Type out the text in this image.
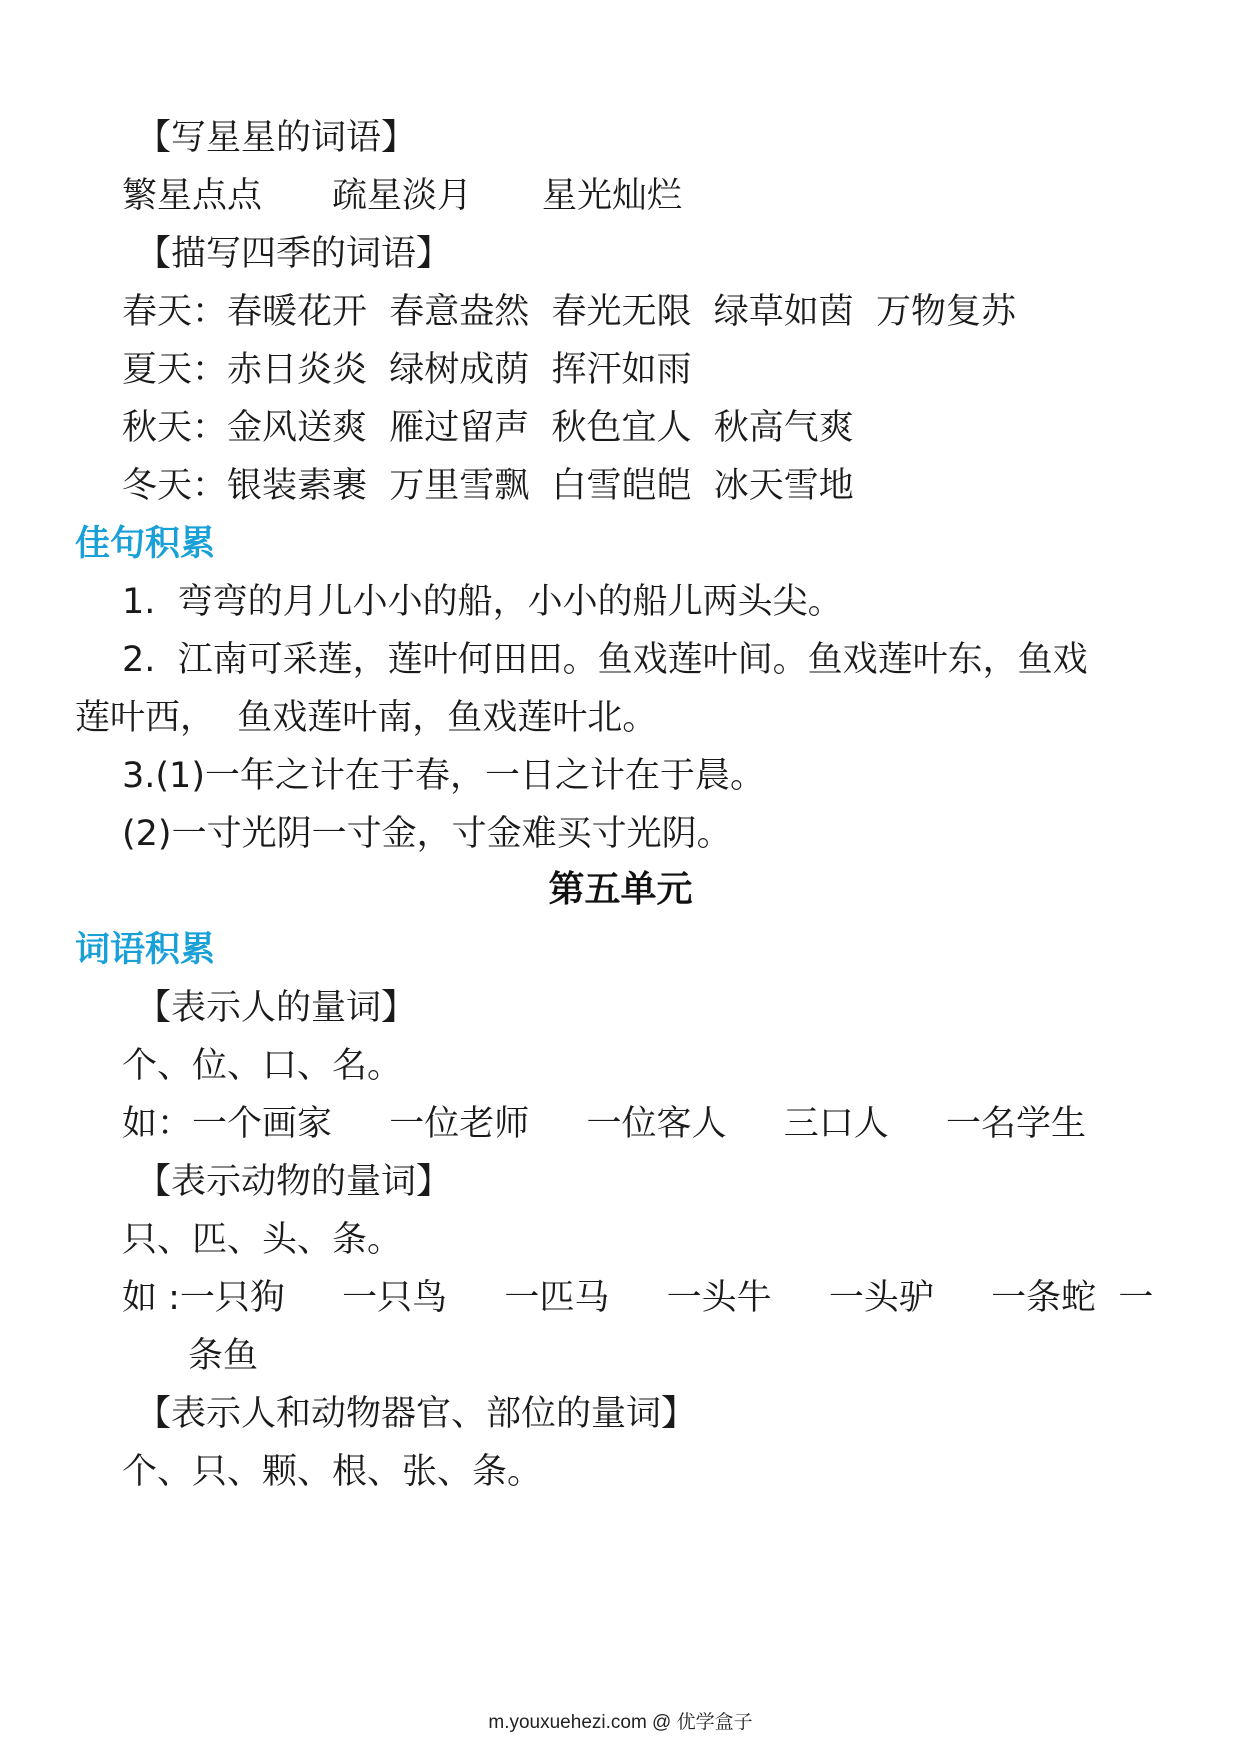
【写星星的词语】

繁星点点　　疏星淡月　　星光灿烂

【描写四季的词语】

春天：春暖花开  春意盎然  春光无限  绿草如茵  万物复苏

夏天：赤日炎炎  绿树成荫  挥汗如雨

秋天：金风送爽  雁过留声  秋色宜人  秋高气爽

冬天：银装素裹  万里雪飘  白雪皑皑  冰天雪地

佳句积累

1.  弯弯的月儿小小的船，小小的船儿两头尖。

2.  江南可采莲，莲叶何田田。鱼戏莲叶间。鱼戏莲叶东，鱼戏

莲叶西，  鱼戏莲叶南，鱼戏莲叶北。

3.(1)一年之计在于春，一日之计在于晨。

(2)一寸光阴一寸金，寸金难买寸光阴。

第五单元
词语积累

【表示人的量词】

个、位、口、名。

如：一个画家　  一位老师　  一位客人　  三口人　  一名学生

【表示动物的量词】

只、匹、头、条。

如 :一只狗　  一只鸟　  一匹马　  一头牛　  一头驴　  一条蛇  一

条鱼

【表示人和动物器官、部位的量词】

个、只、颗、根、张、条。

m.youxuehezi.com @ 优学盒子
